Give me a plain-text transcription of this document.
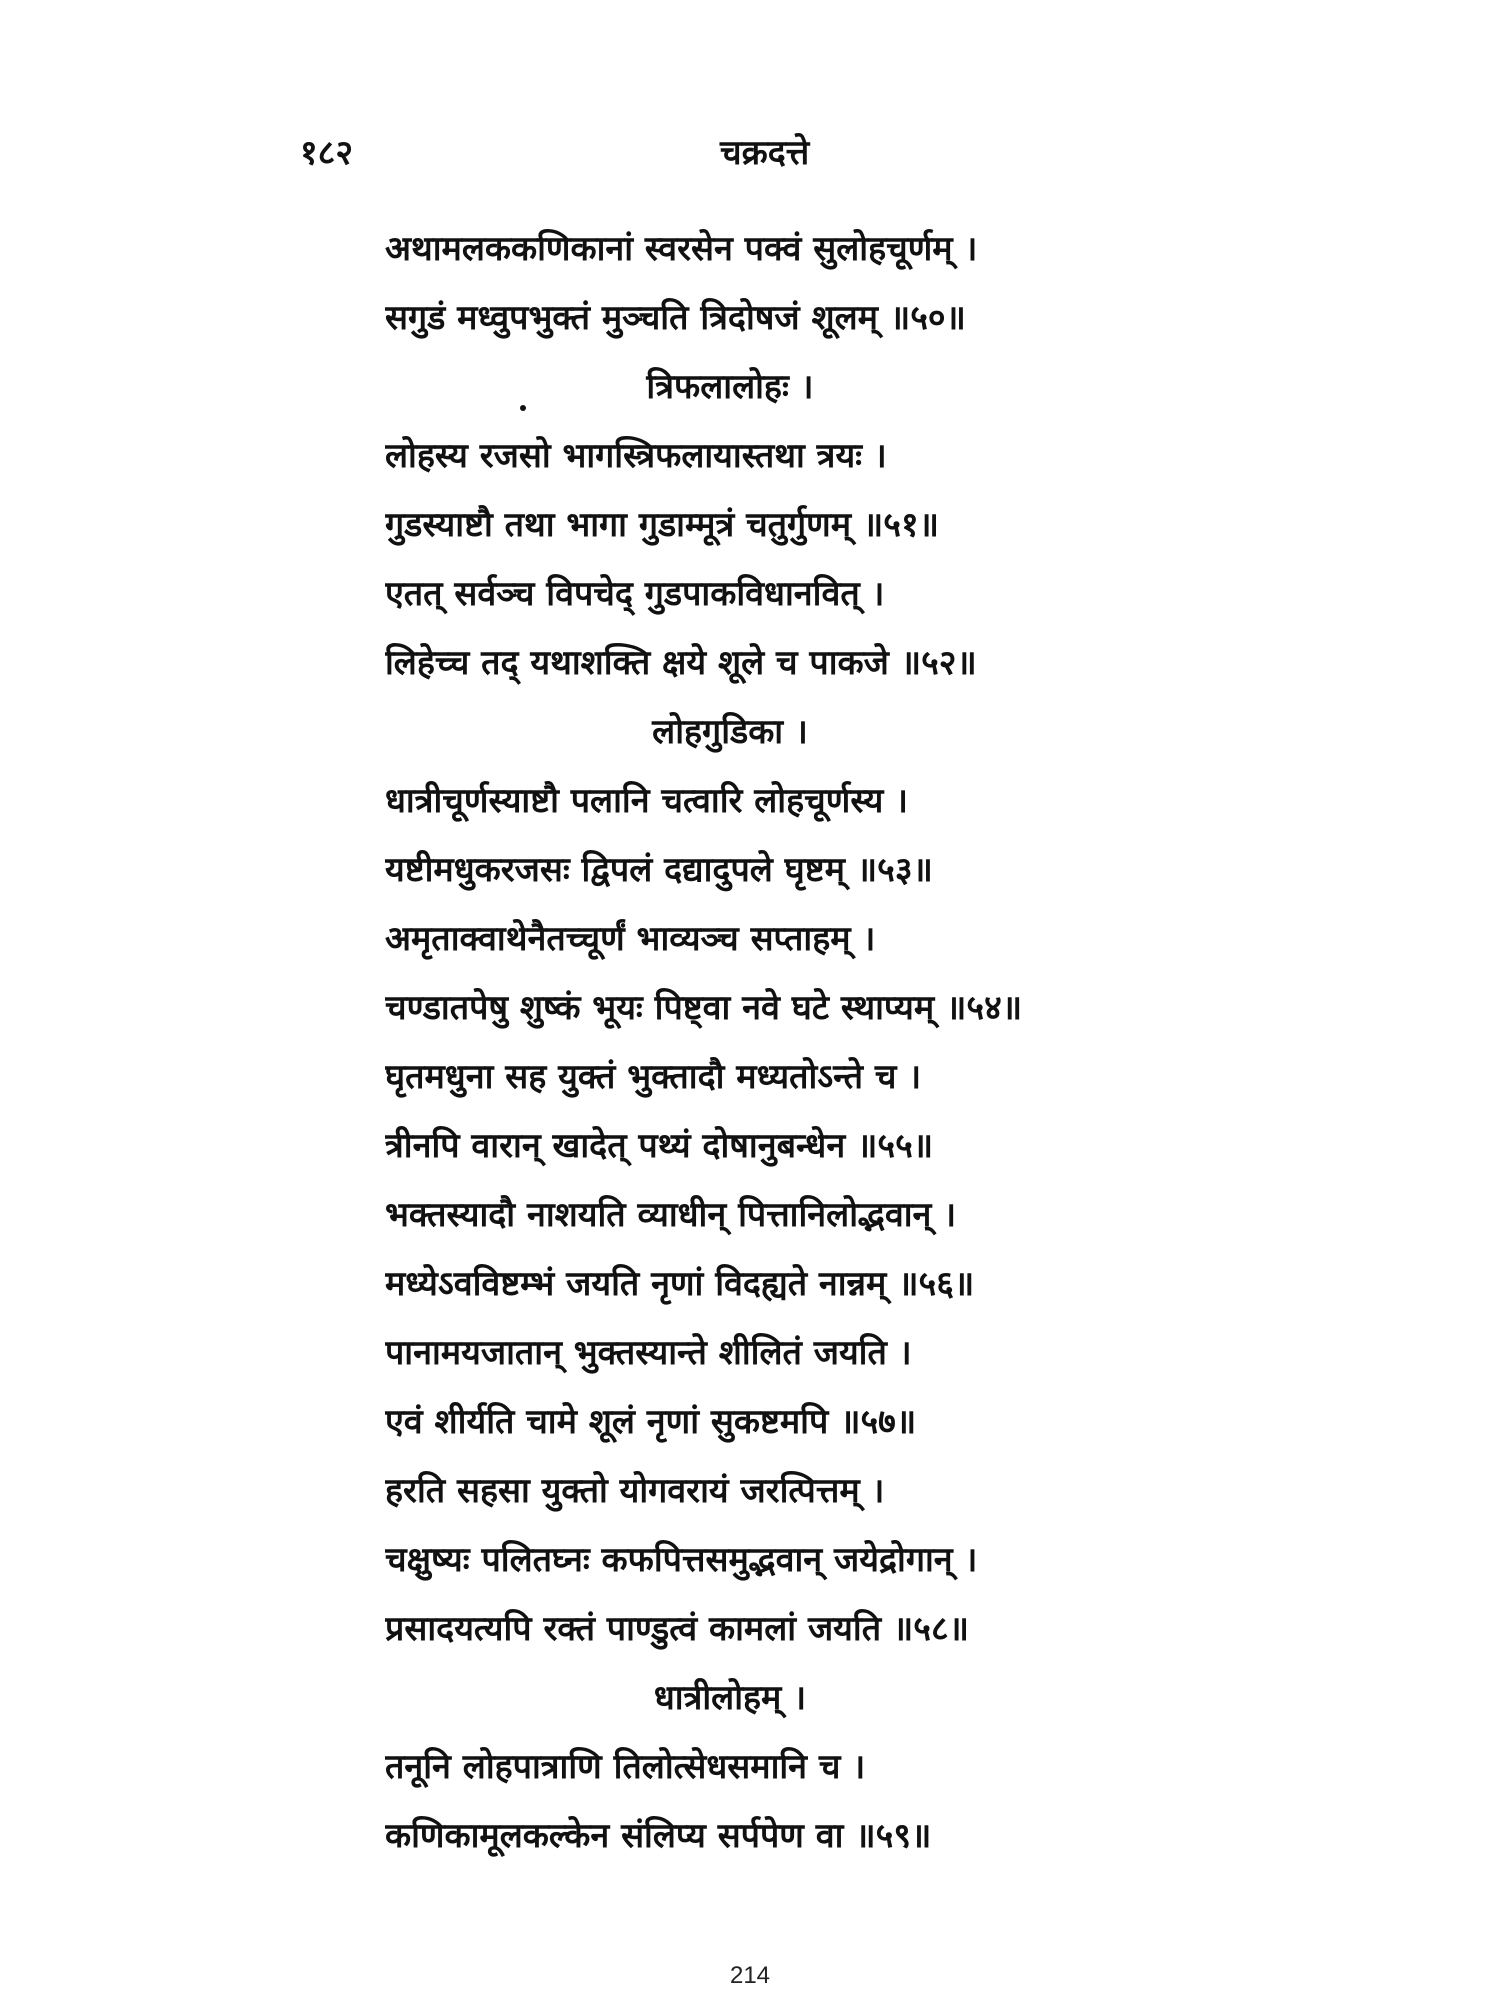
१८२	चक्रदत्ते
अथामलककणिकानां स्वरसेन पक्वं सुलोहचूर्णम् ।
सगुडं मध्वुपभुक्तं मुञ्चति त्रिदोषजं शूलम् ॥५०॥
त्रिफलालोहः ।
लोहस्य रजसो भागस्त्रिफलायास्तथा त्रयः ।
गुडस्याष्टौ तथा भागा गुडाम्मूत्रं चतुर्गुणम् ॥५१॥
एतत् सर्वञ्च विपचेद् गुडपाकविधानवित् ।
लिहेच्च तद् यथाशक्ति क्षये शूले च पाकजे ॥५२॥
लोहगुडिका ।
धात्रीचूर्णस्याष्टौ पलानि चत्वारि लोहचूर्णस्य ।
यष्टीमधुकरजसः द्विपलं दद्यादुपले घृष्टम् ॥५३॥
अमृताक्वाथेनैतच्चूर्णं भाव्यञ्च सप्ताहम् ।
चण्डातपेषु शुष्कं भूयः पिष्ट्वा नवे घटे स्थाप्यम् ॥५४॥
घृतमधुना सह युक्तं भुक्तादौ मध्यतोऽन्ते च ।
त्रीनपि वारान् खादेत् पथ्यं दोषानुबन्धेन ॥५५॥
भक्तस्यादौ नाशयति व्याधीन् पित्तानिलोद्भवान् ।
मध्येऽवविष्टम्भं जयति नृणां विदह्यते नान्नम् ॥५६॥
पानामयजातान् भुक्तस्यान्ते शीलितं जयति ।
एवं शीर्यति चामे शूलं नृणां सुकष्टमपि ॥५७॥
हरति सहसा युक्तो योगवरायं जरत्पित्तम् ।
चक्षुष्यः पलितघ्नः कफपित्तसमुद्भवान् जयेद्रोगान् ।
प्रसादयत्यपि रक्तं पाण्डुत्वं कामलां जयति ॥५८॥
धात्रीलोहम् ।
तनूनि लोहपात्राणि तिलोत्सेधसमानि च ।
कणिकामूलकल्केन संलिप्य सर्पपेण वा ॥५९॥
214
